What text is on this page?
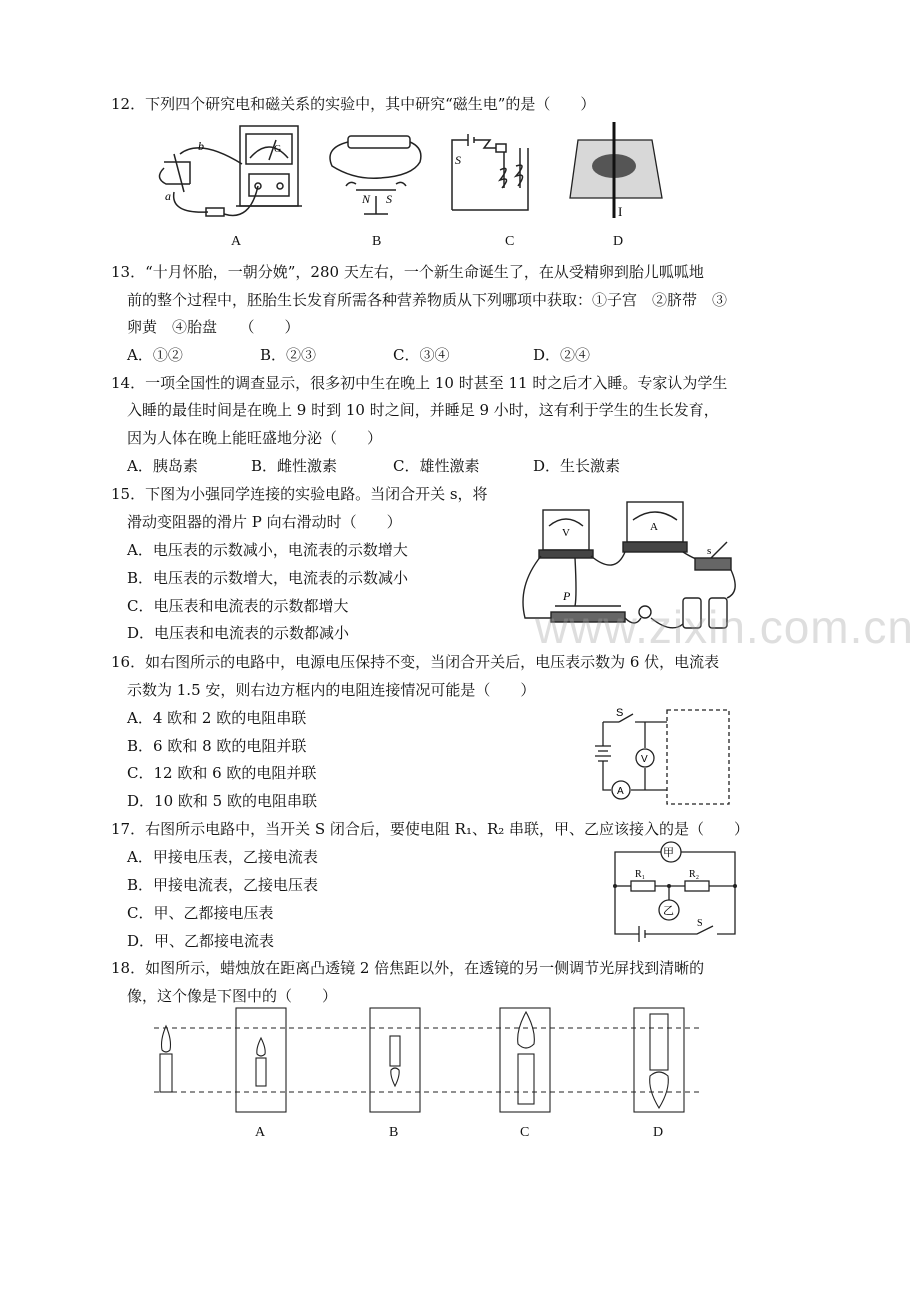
12．下列四个研究电和磁关系的实验中，其中研究“磁生电”的是（　　）
G
a
b
N S
S
I
A	B	C	D
13．“十月怀胎，一朝分娩”，280 天左右，一个新生命诞生了，在从受精卵到胎儿呱呱地
前的整个过程中，胚胎生长发育所需各种营养物质从下列哪项中获取：①子宫　②脐带　③
卵黄　④胎盘　　（　　）
A．①②	B．②③	C．③④	D．②④
14．一项全国性的调查显示，很多初中生在晚上 10 时甚至 11 时之后才入睡。专家认为学生
入睡的最佳时间是在晚上 9 时到 10 时之间，并睡足 9 小时，这有利于学生的生长发育，
因为人体在晚上能旺盛地分泌（　　）
A．胰岛素	B．雌性激素	C．雄性激素	D．生长激素
15．下图为小强同学连接的实验电路。当闭合开关 s，将
滑动变阻器的滑片 P 向右滑动时（　　）
A．电压表的示数减小，电流表的示数增大
B．电压表的示数增大，电流表的示数减小
C．电压表和电流表的示数都增大
D．电压表和电流表的示数都减小
V	A
P
s
16．如右图所示的电路中，电源电压保持不变，当闭合开关后，电压表示数为 6 伏，电流表
示数为 1.5 安，则右边方框内的电阻连接情况可能是（　　）
A．4 欧和 2 欧的电阻串联
B．6 欧和 8 欧的电阻并联
C．12 欧和 6 欧的电阻并联
D．10 欧和 5 欧的电阻串联
S
V
A
17．右图所示电路中，当开关 S 闭合后，要使电阻 R₁、R₂ 串联，甲、乙应该接入的是（　　）
A．甲接电压表，乙接电流表
B．甲接电流表，乙接电压表
C．甲、乙都接电压表
D．甲、乙都接电流表
甲
乙
R₁	R₂
S
18．如图所示，蜡烛放在距离凸透镜 2 倍焦距以外，在透镜的另一侧调节光屏找到清晰的
像，这个像是下图中的（　　）
A	B	C	D
www.zixin.com.cn
